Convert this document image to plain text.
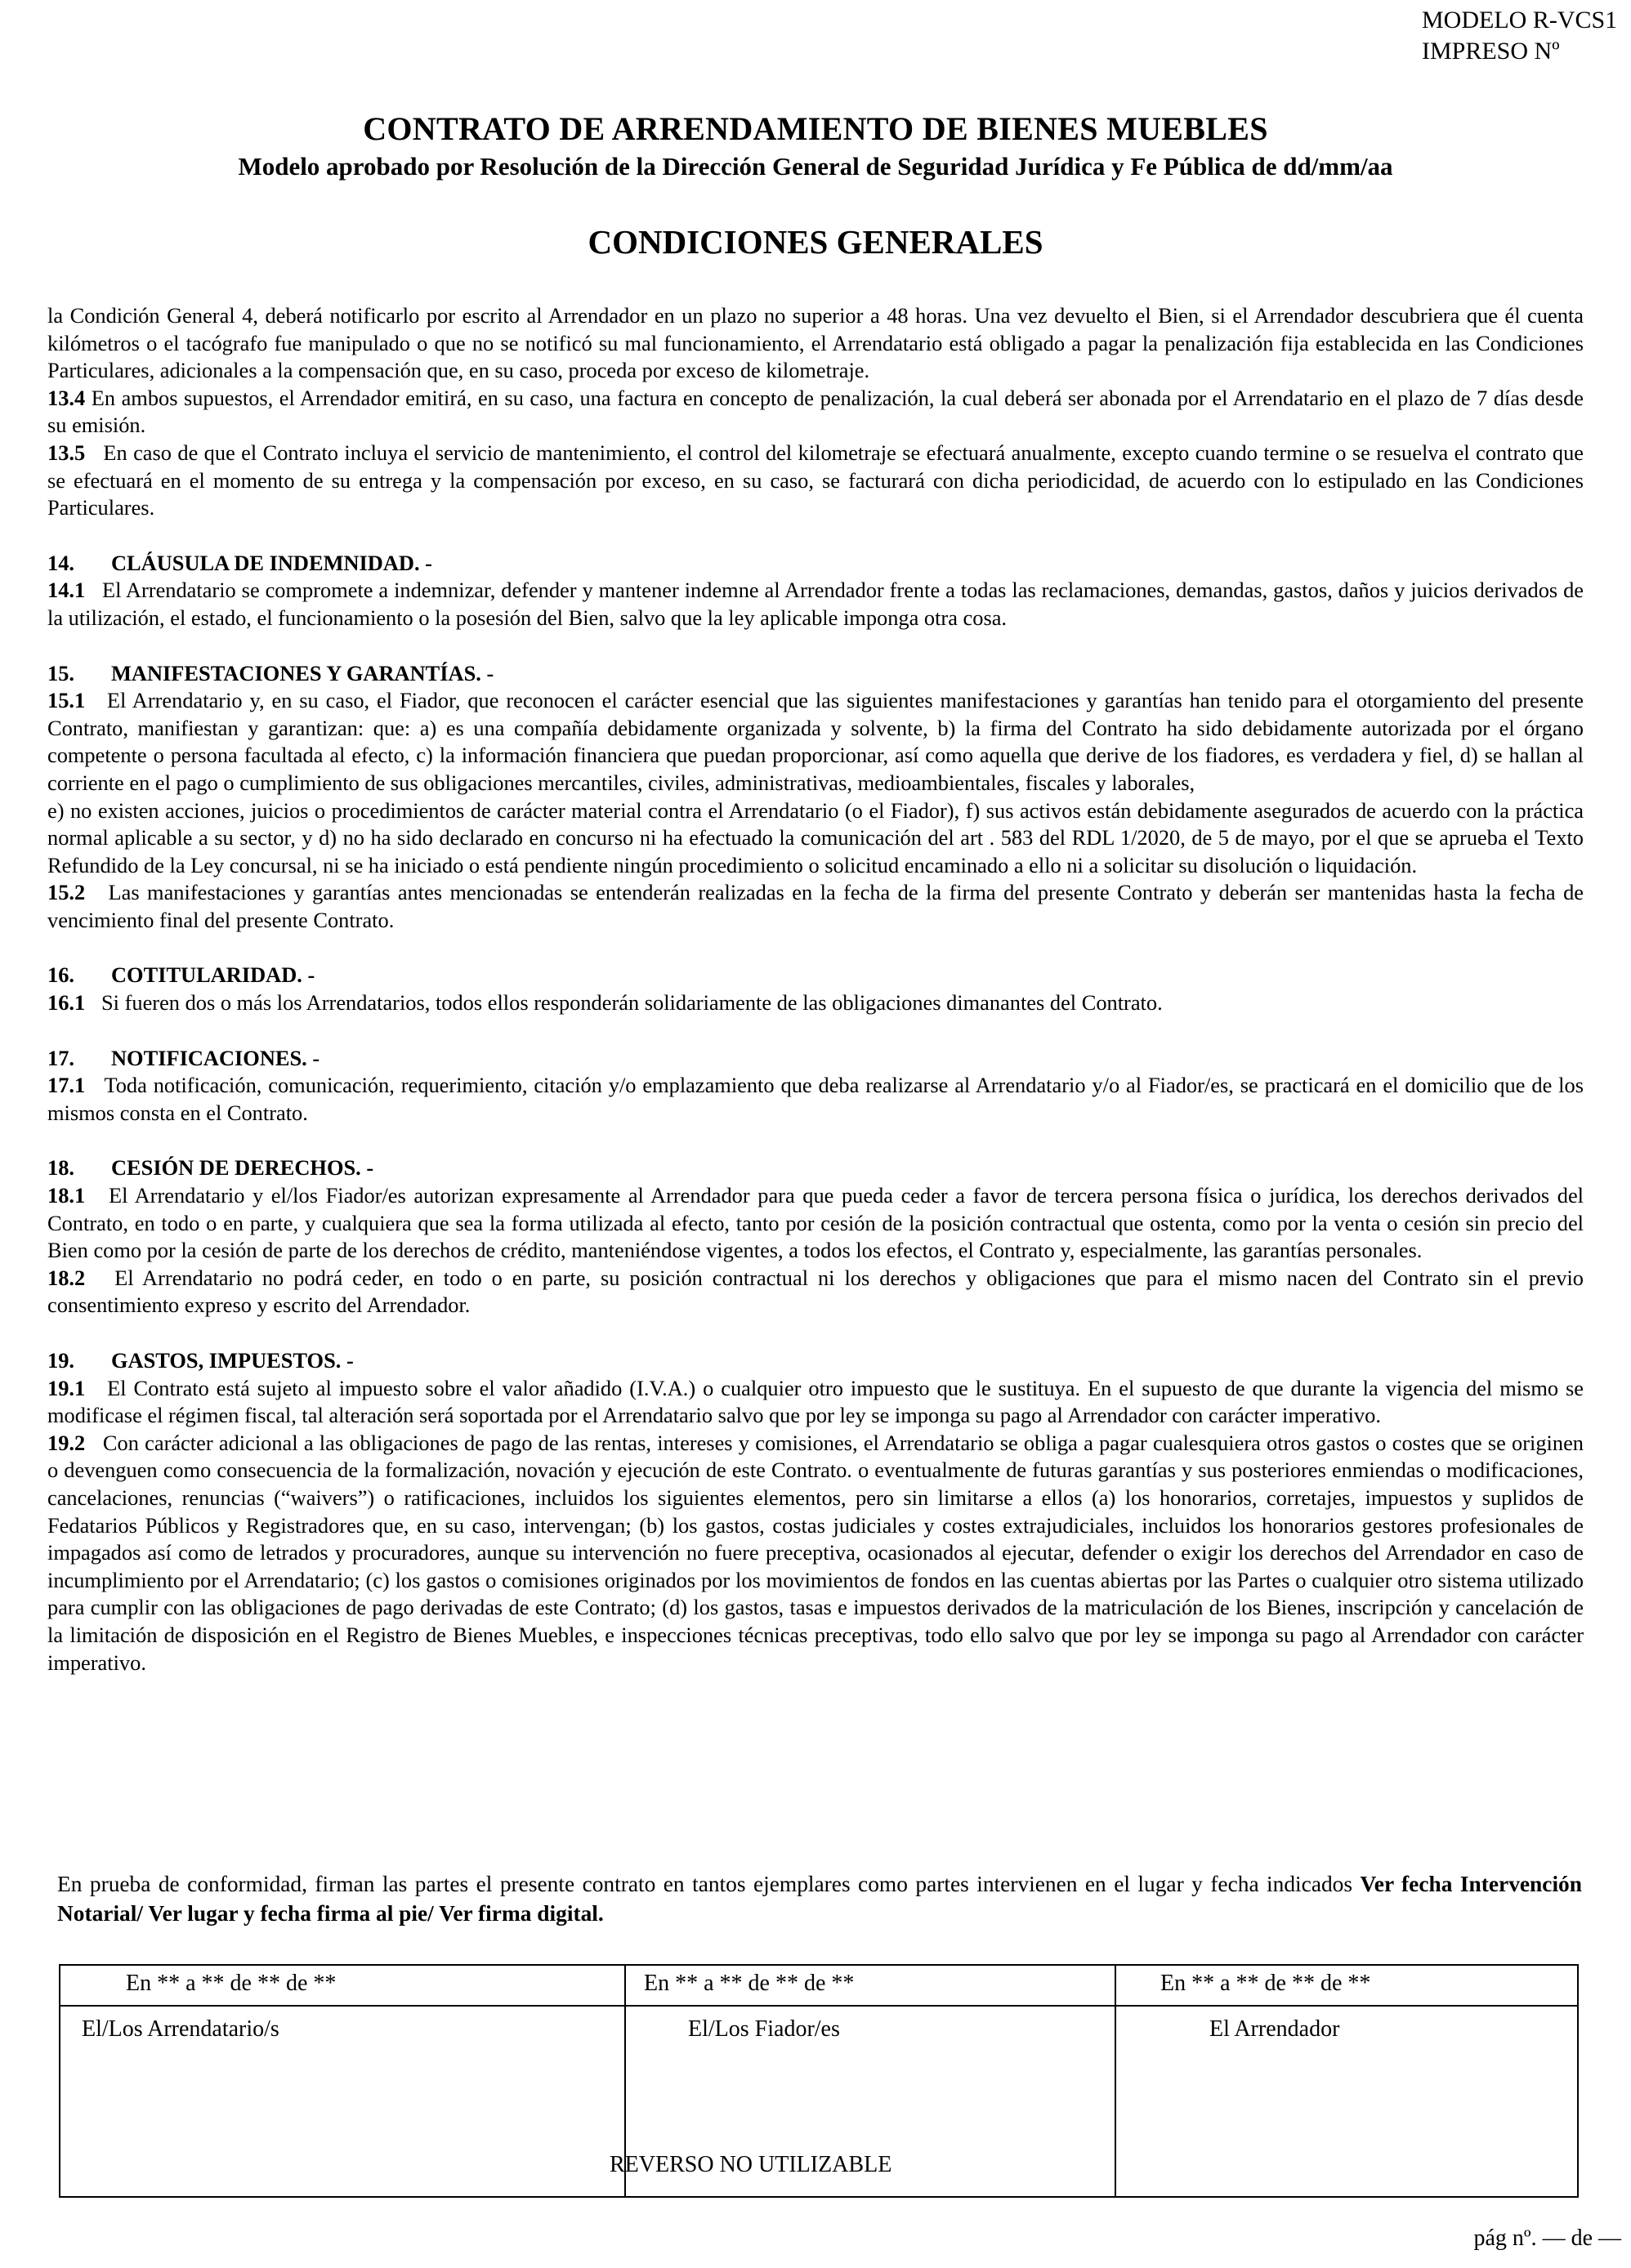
MODELO R-VCS1
IMPRESO Nº
CONTRATO DE ARRENDAMIENTO DE BIENES MUEBLES
Modelo aprobado por Resolución de la Dirección General de Seguridad Jurídica y Fe Pública de dd/mm/aa
CONDICIONES GENERALES

la Condición General 4, deberá notificarlo por escrito al Arrendador en un plazo no superior a 48 horas. Una vez devuelto el Bien, si el Arrendador descubriera que él cuenta kilómetros o el tacógrafo fue manipulado o que no se notificó su mal funcionamiento, el Arrendatario está obligado a pagar la penalización fija establecida en las Condiciones Particulares, adicionales a la compensación que, en su caso, proceda por exceso de kilometraje.

13.4 En ambos supuestos, el Arrendador emitirá, en su caso, una factura en concepto de penalización, la cual deberá ser abonada por el Arrendatario en el plazo de 7 días desde su emisión.

13.5 En caso de que el Contrato incluya el servicio de mantenimiento, el control del kilometraje se efectuará anualmente, excepto cuando termine o se resuelva el contrato que se efectuará en el momento de su entrega y la compensación por exceso, en su caso, se facturará con dicha periodicidad, de acuerdo con lo estipulado en las Condiciones Particulares.

14. CLÁUSULA DE INDEMNIDAD. -

14.1 El Arrendatario se compromete a indemnizar, defender y mantener indemne al Arrendador frente a todas las reclamaciones, demandas, gastos, daños y juicios derivados de la utilización, el estado, el funcionamiento o la posesión del Bien, salvo que la ley aplicable imponga otra cosa.

15. MANIFESTACIONES Y GARANTÍAS. -

15.1 El Arrendatario y, en su caso, el Fiador, que reconocen el carácter esencial que las siguientes manifestaciones y garantías han tenido para el otorgamiento del presente Contrato, manifiestan y garantizan: que: a) es una compañía debidamente organizada y solvente, b) la firma del Contrato ha sido debidamente autorizada por el órgano competente o persona facultada al efecto, c) la información financiera que puedan proporcionar, así como aquella que derive de los fiadores, es verdadera y fiel, d) se hallan al corriente en el pago o cumplimiento de sus obligaciones mercantiles, civiles, administrativas, medioambientales, fiscales y laborales,

e) no existen acciones, juicios o procedimientos de carácter material contra el Arrendatario (o el Fiador), f) sus activos están debidamente asegurados de acuerdo con la práctica normal aplicable a su sector, y d) no ha sido declarado en concurso ni ha efectuado la comunicación del art . 583 del RDL 1/2020, de 5 de mayo, por el que se aprueba el Texto Refundido de la Ley concursal, ni se ha iniciado o está pendiente ningún procedimiento o solicitud encaminado a ello ni a solicitar su disolución o liquidación.

15.2 Las manifestaciones y garantías antes mencionadas se entenderán realizadas en la fecha de la firma del presente Contrato y deberán ser mantenidas hasta la fecha de vencimiento final del presente Contrato.

16. COTITULARIDAD. -

16.1 Si fueren dos o más los Arrendatarios, todos ellos responderán solidariamente de las obligaciones dimanantes del Contrato.

17. NOTIFICACIONES. -

17.1 Toda notificación, comunicación, requerimiento, citación y/o emplazamiento que deba realizarse al Arrendatario y/o al Fiador/es, se practicará en el domicilio que de los mismos consta en el Contrato.

18. CESIÓN DE DERECHOS. -

18.1 El Arrendatario y el/los Fiador/es autorizan expresamente al Arrendador para que pueda ceder a favor de tercera persona física o jurídica, los derechos derivados del Contrato, en todo o en parte, y cualquiera que sea la forma utilizada al efecto, tanto por cesión de la posición contractual que ostenta, como por la venta o cesión sin precio del Bien como por la cesión de parte de los derechos de crédito, manteniéndose vigentes, a todos los efectos, el Contrato y, especialmente, las garantías personales.

18.2 El Arrendatario no podrá ceder, en todo o en parte, su posición contractual ni los derechos y obligaciones que para el mismo nacen del Contrato sin el previo consentimiento expreso y escrito del Arrendador.

19. GASTOS, IMPUESTOS. -

19.1 El Contrato está sujeto al impuesto sobre el valor añadido (I.V.A.) o cualquier otro impuesto que le sustituya. En el supuesto de que durante la vigencia del mismo se modificase el régimen fiscal, tal alteración será soportada por el Arrendatario salvo que por ley se imponga su pago al Arrendador con carácter imperativo.

19.2 Con carácter adicional a las obligaciones de pago de las rentas, intereses y comisiones, el Arrendatario se obliga a pagar cualesquiera otros gastos o costes que se originen o devenguen como consecuencia de la formalización, novación y ejecución de este Contrato. o eventualmente de futuras garantías y sus posteriores enmiendas o modificaciones, cancelaciones, renuncias (“waivers”) o ratificaciones, incluidos los siguientes elementos, pero sin limitarse a ellos (a) los honorarios, corretajes, impuestos y suplidos de Fedatarios Públicos y Registradores que, en su caso, intervengan; (b) los gastos, costas judiciales y costes extrajudiciales, incluidos los honorarios gestores profesionales de impagados así como de letrados y procuradores, aunque su intervención no fuere preceptiva, ocasionados al ejecutar, defender o exigir los derechos del Arrendador en caso de incumplimiento por el Arrendatario; (c) los gastos o comisiones originados por los movimientos de fondos en las cuentas abiertas por las Partes o cualquier otro sistema utilizado para cumplir con las obligaciones de pago derivadas de este Contrato; (d) los gastos, tasas e impuestos derivados de la matriculación de los Bienes, inscripción y cancelación de la limitación de disposición en el Registro de Bienes Muebles, e inspecciones técnicas preceptivas, todo ello salvo que por ley se imponga su pago al Arrendador con carácter imperativo.

En prueba de conformidad, firman las partes el presente contrato en tantos ejemplares como partes intervienen en el lugar y fecha indicados Ver fecha Intervención Notarial/ Ver lugar y fecha firma al pie/ Ver firma digital.
En ** a ** de ** de **	En ** a ** de ** de **	En ** a ** de ** de **
El/Los Arrendatario/s	El/Los Fiador/es	El Arrendador
REVERSO NO UTILIZABLE
pág nº. — de —
